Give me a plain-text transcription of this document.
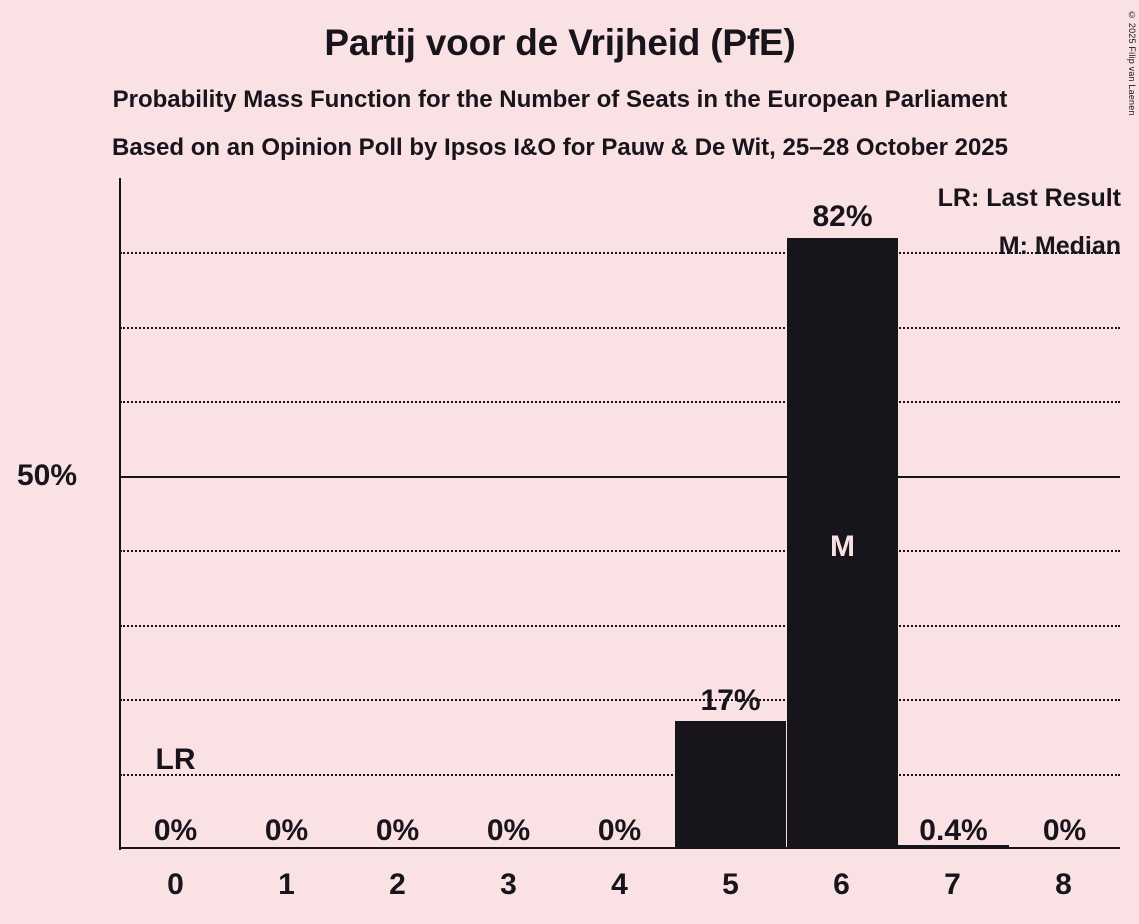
Partij voor de Vrijheid (PfE)
Probability Mass Function for the Number of Seats in the European Parliament
Based on an Opinion Poll by Ipsos I&O for Pauw & De Wit, 25–28 October 2025
© 2025 Filip van Laenen
LR: Last Result
M: Median
0%	0%	0%	0%	0%
17%
82%
0.4%	0%
LR
M
50%
0	1	2	3	4	5	6	7	8
